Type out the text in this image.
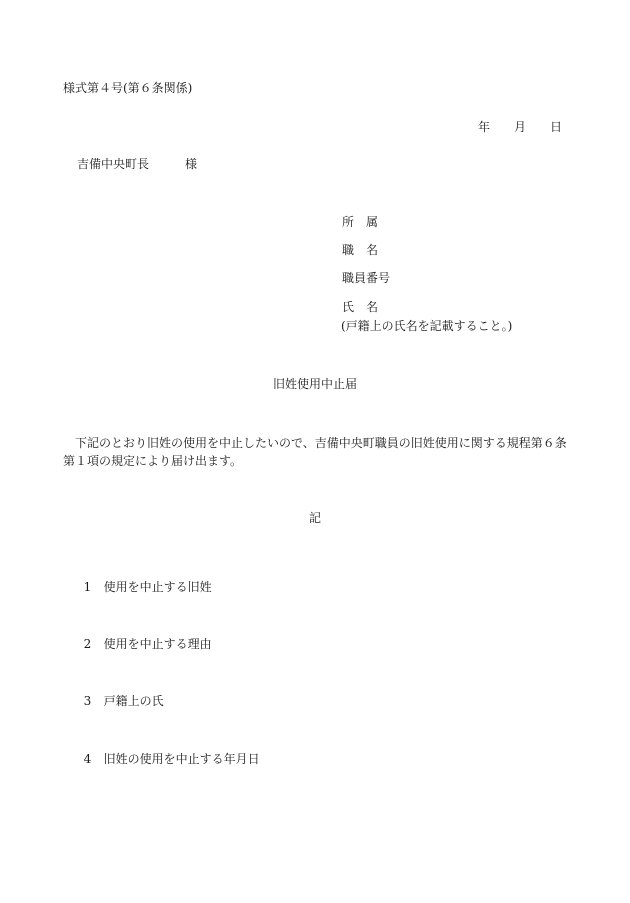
様式第４号(第６条関係)
年　　月　　日
吉備中央町長　　　様
所　属
職　名
職員番号
氏　名
(戸籍上の氏名を記載すること。)
旧姓使用中止届
下記のとおり旧姓の使用を中止したいので、吉備中央町職員の旧姓使用に関する規程第６条第１項の規定により届け出ます。
記

1 使用を中止する旧姓

2 使用を中止する理由

3 戸籍上の氏

4 旧姓の使用を中止する年月日
